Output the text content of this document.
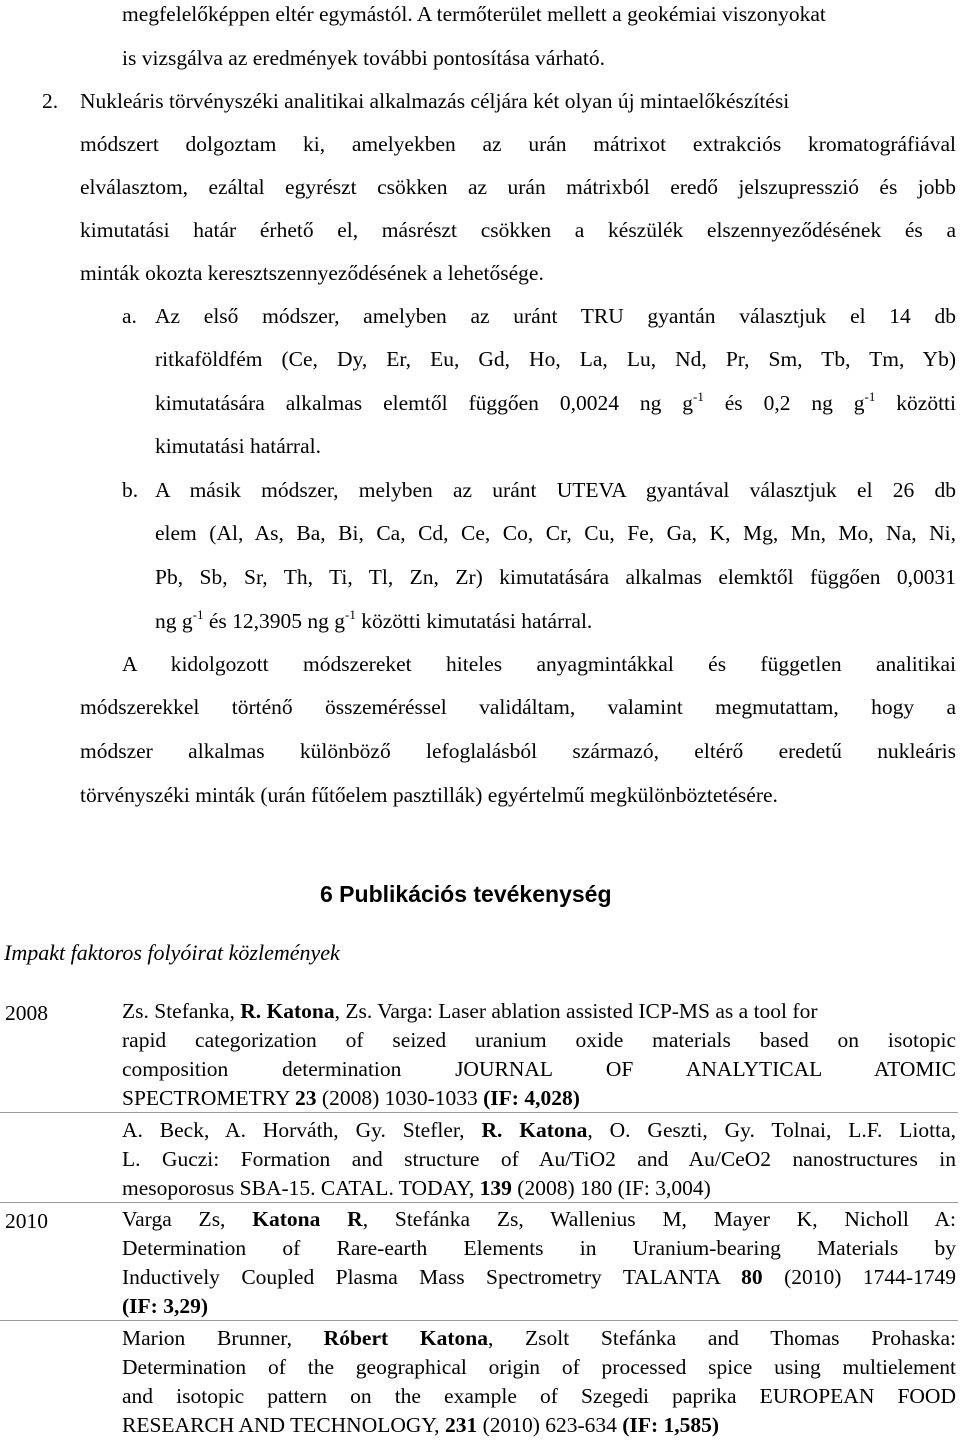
megfelelőképpen eltér egymástól. A termőterület mellett a geokémiai viszonyokat
is vizsgálva az eredmények további pontosítása várható.
2. Nukleáris törvényszéki analitikai alkalmazás céljára két olyan új mintaelőkészítési
módszert dolgoztam ki, amelyekben az urán mátrixot extrakciós kromatográfiával
elválasztom, ezáltal egyrészt csökken az urán mátrixból eredő jelszupresszió és jobb
kimutatási határ érhető el, másrészt csökken a készülék elszennyeződésének és a
minták okozta keresztszennyeződésének a lehetősége.
a. Az első módszer, amelyben az uránt TRU gyantán választjuk el 14 db
ritkaföldfém (Ce, Dy, Er, Eu, Gd, Ho, La, Lu, Nd, Pr, Sm, Tb, Tm, Yb)
kimutatására alkalmas elemtől függően 0,0024 ng $g^{-1}$ és 0,2 ng $g^{-1}$ közötti
kimutatási határral.
b. A másik módszer, melyben az uránt UTEVA gyantával választjuk el 26 db
elem (Al, As, Ba, Bi, Ca, Cd, Ce, Co, Cr, Cu, Fe, Ga, K, Mg, Mn, Mo, Na, Ni,
Pb, Sb, Sr, Th, Ti, Tl, Zn, Zr) kimutatására alkalmas elemktől függően 0,0031
ng $g^{-1}$ és 12,3905 ng $g^{-1}$ közötti kimutatási határral.
A kidolgozott módszereket hiteles anyagmintákkal és független analitikai
módszerekkel történő összeméréssel validáltam, valamint megmutattam, hogy a
módszer alkalmas különböző lefoglalásból származó, eltérő eredetű nukleáris
törvényszéki minták (urán fűtőelem pasztillák) egyértelmű megkülönböztetésére.
6 Publikációs tevékenység
Impakt faktoros folyóirat közlemények
2008	Zs. Stefanka, R. Katona, Zs. Varga: Laser ablation assisted ICP-MS as a tool for
rapid categorization of seized uranium oxide materials based on isotopic
composition determination JOURNAL OF ANALYTICAL ATOMIC
SPECTROMETRY 23 (2008) 1030-1033 (IF: 4,028)
A. Beck, A. Horváth, Gy. Stefler, R. Katona, O. Geszti, Gy. Tolnai, L.F. Liotta,
L. Guczi: Formation and structure of Au/TiO2 and Au/CeO2 nanostructures in
mesoporosus SBA-15. CATAL. TODAY, 139 (2008) 180 (IF: 3,004)
2010	Varga Zs, Katona R, Stefánka Zs, Wallenius M, Mayer K, Nicholl A:
Determination of Rare-earth Elements in Uranium-bearing Materials by
Inductively Coupled Plasma Mass Spectrometry TALANTA 80 (2010) 1744-1749
(IF: 3,29)
Marion Brunner, Róbert Katona, Zsolt Stefánka and Thomas Prohaska:
Determination of the geographical origin of processed spice using multielement
and isotopic pattern on the example of Szegedi paprika EUROPEAN FOOD
RESEARCH AND TECHNOLOGY, 231 (2010) 623-634 (IF: 1,585)
